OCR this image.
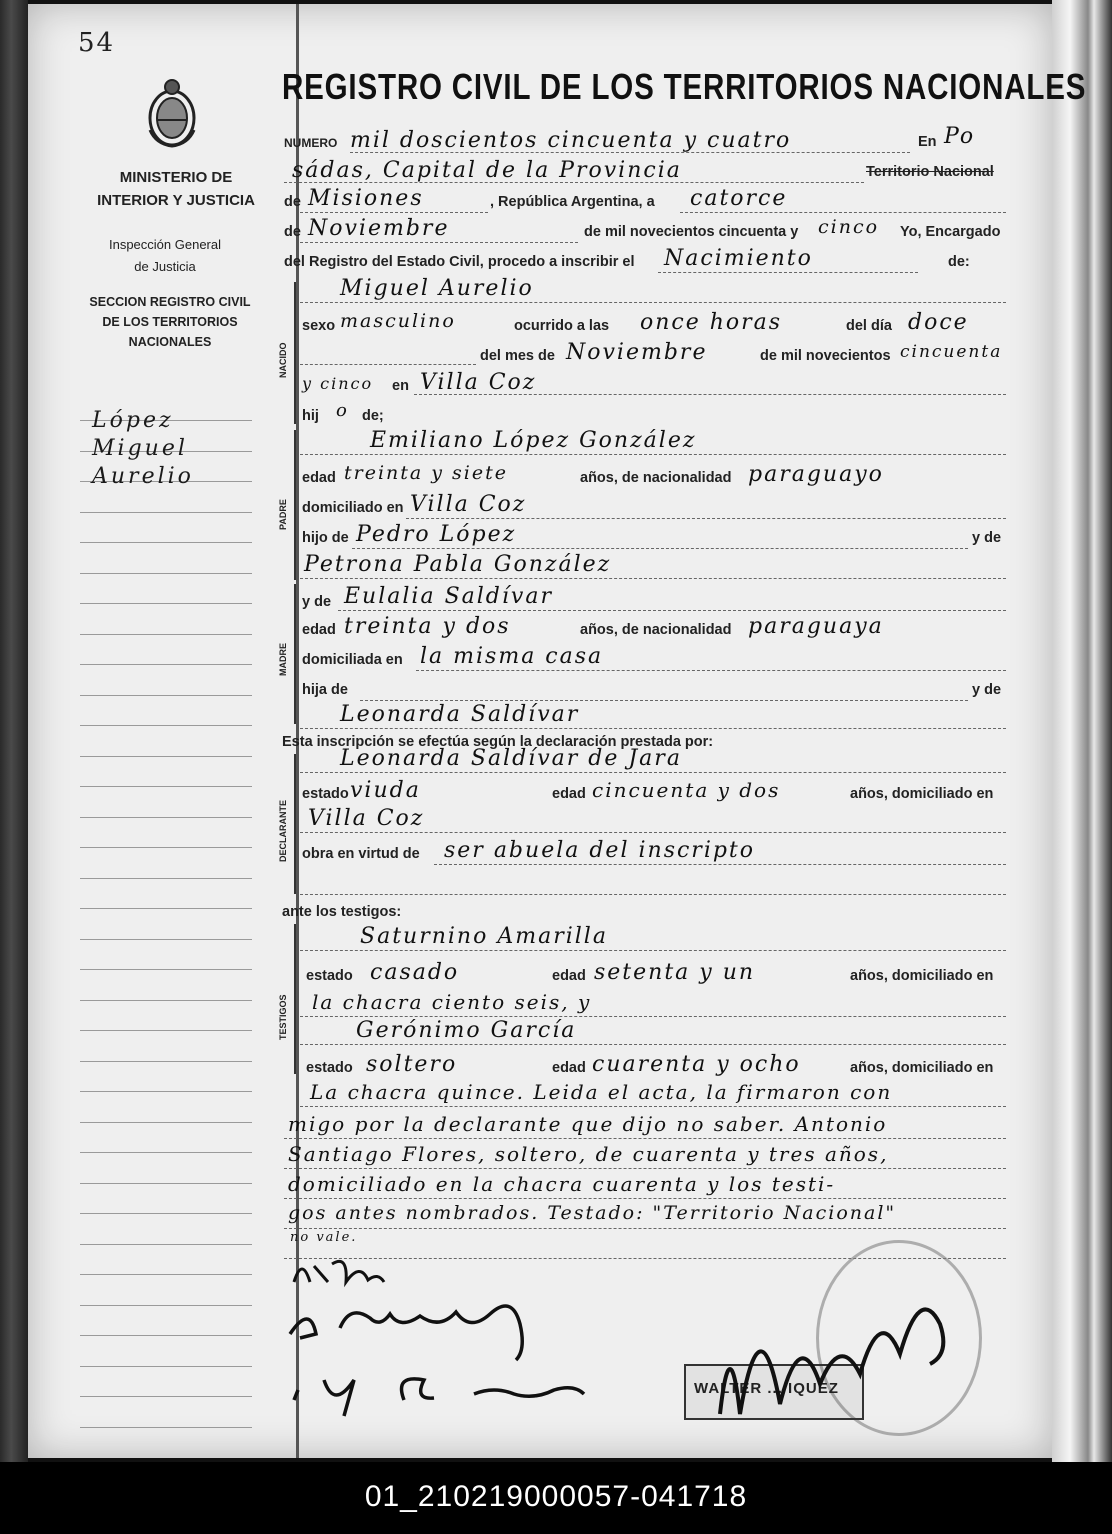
54
MINISTERIO DE INTERIOR Y JUSTICIA
Inspección General de Justicia
SECCION REGISTRO CIVIL DE LOS TERRITORIOS NACIONALES
López
Miguel
Aurelio
REGISTRO CIVIL DE LOS TERRITORIOS NACIONALES
NUMERO mil doscientos cincuenta y cuatro	En Po
sádas, Capital de la Provincia	Territorio Nacional
de Misiones	, República Argentina, a catorce
de Noviembre	de mil novecientos cincuenta y cinco Yo, Encargado
del Registro del Estado Civil, procedo a inscribir el Nacimiento	de:
NACIDO
Miguel Aurelio
sexo masculino	ocurrido a las once horas	del día doce
del mes de Noviembre	de mil novecientos cincuenta
y cinco en Villa Coz
hij o de;
PADRE
Emiliano López González
edad treinta y siete	años, de nacionalidad paraguayo
domiciliado en Villa Coz
hijo de Pedro López	y de
Petrona Pabla González
MADRE
y de Eulalia Saldívar
edad treinta y dos	años, de nacionalidad paraguaya
domiciliada en la misma casa
hija de	y de
Leonarda Saldívar
Esta inscripción se efectúa según la declaración prestada por:
DECLARANTE
Leonarda Saldívar de Jara
estado viuda	edad cincuenta y dos	años, domiciliado en
Villa Coz
obra en virtud de ser abuela del inscripto
ante los testigos:
TESTIGOS
Saturnino Amarilla
estado casado	edad setenta y un	años, domiciliado en
la chacra ciento seis, y
Gerónimo García
estado soltero	edad cuarenta y ocho	años, domiciliado en
La chacra quince. Leida el acta, la firmaron con
migo por la declarante que dijo no saber. Antonio
Santiago Flores, soltero, de cuarenta y tres años,
domiciliado en la chacra cuarenta y los testi-
gos antes nombrados. Testado: "Territorio Nacional"
no vale.
WALTER ... IQUEZ
01_210219000057-041718
